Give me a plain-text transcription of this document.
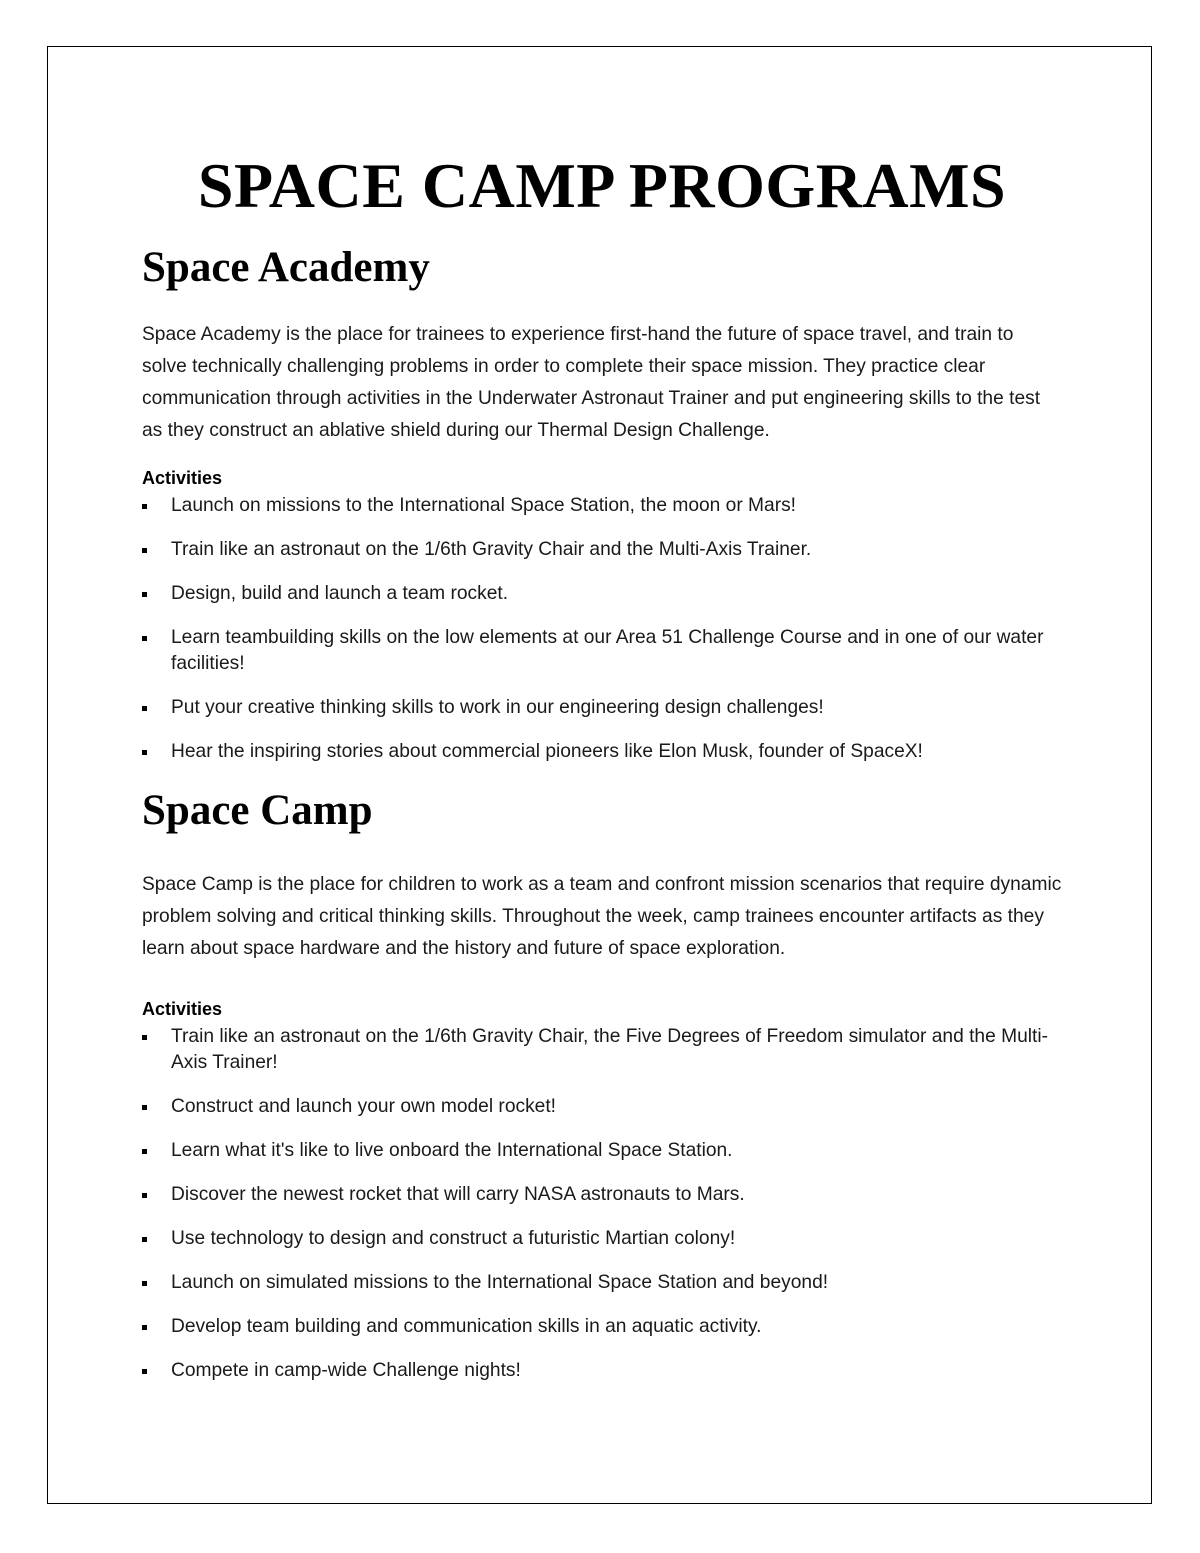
SPACE CAMP PROGRAMS
Space Academy

Space Academy is the place for trainees to experience first-hand the future of space travel, and train to solve technically challenging problems in order to complete their space mission. They practice clear communication through activities in the Underwater Astronaut Trainer and put engineering skills to the test as they construct an ablative shield during our Thermal Design Challenge.

Activities

Launch on missions to the International Space Station, the moon or Mars!
Train like an astronaut on the 1/6th Gravity Chair and the Multi-Axis Trainer.
Design, build and launch a team rocket.
Learn teambuilding skills on the low elements at our Area 51 Challenge Course and in one of our water facilities!
Put your creative thinking skills to work in our engineering design challenges!
Hear the inspiring stories about commercial pioneers like Elon Musk, founder of SpaceX!
Space Camp

Space Camp is the place for children to work as a team and confront mission scenarios that require dynamic problem solving and critical thinking skills. Throughout the week, camp trainees encounter artifacts as they learn about space hardware and the history and future of space exploration.

Activities

Train like an astronaut on the 1/6th Gravity Chair, the Five Degrees of Freedom simulator and the Multi-Axis Trainer!
Construct and launch your own model rocket!
Learn what it's like to live onboard the International Space Station.
Discover the newest rocket that will carry NASA astronauts to Mars.
Use technology to design and construct a futuristic Martian colony!
Launch on simulated missions to the International Space Station and beyond!
Develop team building and communication skills in an aquatic activity.
Compete in camp-wide Challenge nights!
